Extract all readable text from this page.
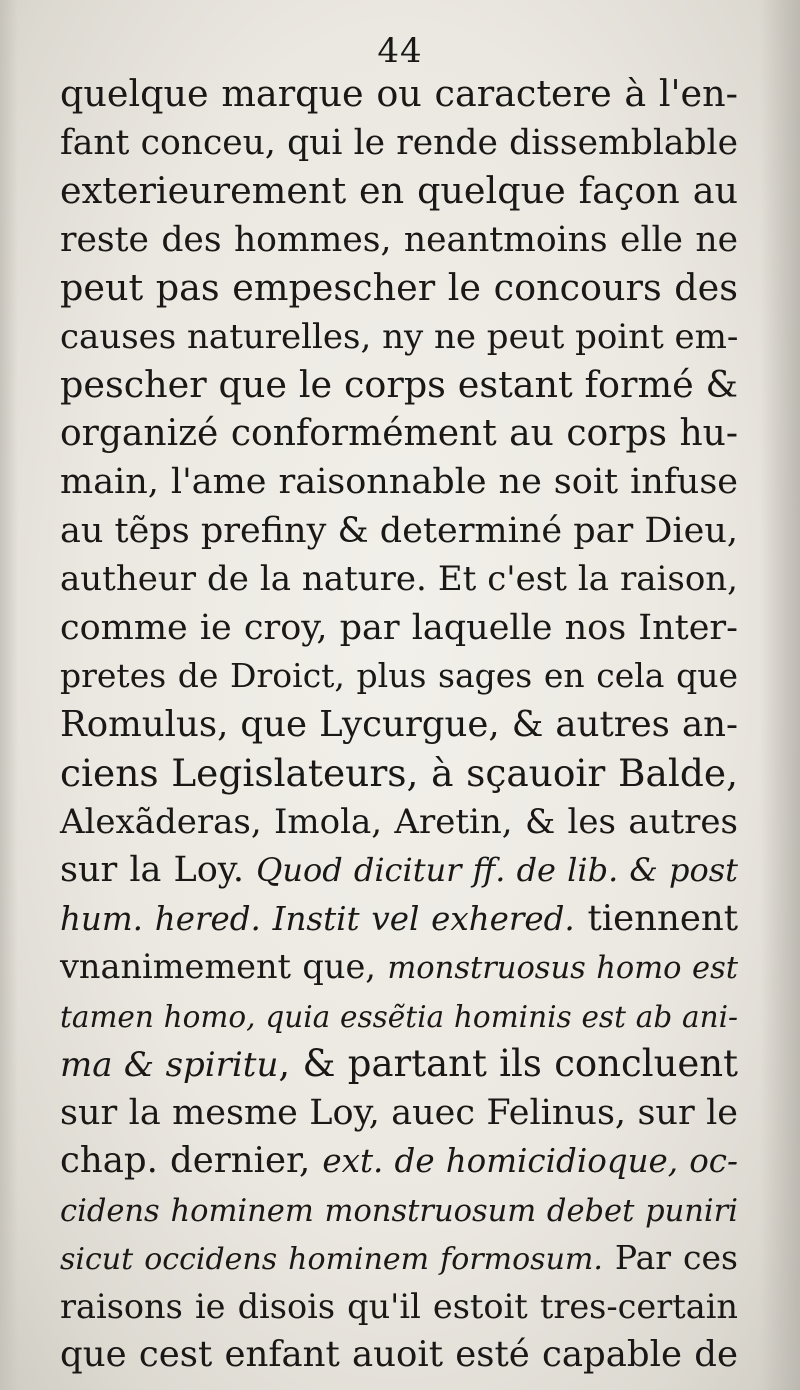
44
quelque marque ou caractere à l'en-
fant conceu, qui le rende dissemblable
exterieurement en quelque façon au
reste des hommes, neantmoins elle ne
peut pas empescher le concours des
causes naturelles, ny ne peut point em-
pescher que le corps estant formé &
organizé conformément au corps hu-
main, l'ame raisonnable ne soit infuse
au tẽps prefiny & determiné par Dieu,
autheur de la nature. Et c'est la raison,
comme ie croy, par laquelle nos Inter-
pretes de Droict, plus sages en cela que
Romulus, que Lycurgue, & autres an-
ciens Legislateurs, à sçauoir Balde,
Alexãderas, Imola, Aretin, & les autres
sur la Loy. Quod dicitur ff. de lib. & post
hum. hered. Instit vel exhered. tiennent
vnanimement que, monstruosus homo est
tamen homo, quia essẽtia hominis est ab ani-
ma & spiritu, & partant ils concluent
sur la mesme Loy, auec Felinus, sur le
chap. dernier, ext. de homicidioque, oc-
cidens hominem monstruosum debet puniri
sicut occidens hominem formosum. Par ces
raisons ie disois qu'il estoit tres-certain
que cest enfant auoit esté capable de
